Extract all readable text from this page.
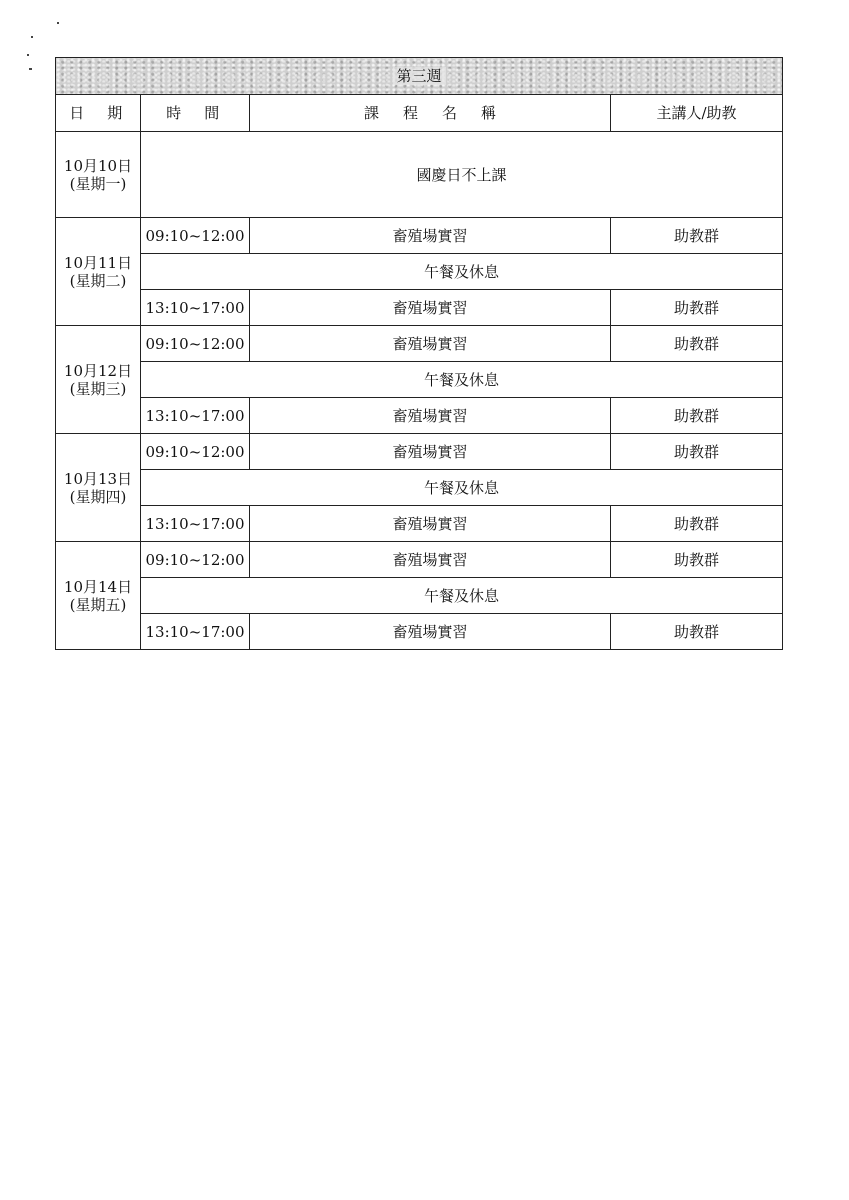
第三週			
日  期	時  間	課程名稱	主講人/助教

10月10日
(星期一)	國慶日不上課		

10月11日
(星期二)	09:10~12:00	畜殖場實習	助教群
	午餐及休息		
	13:10~17:00	畜殖場實習	助教群

10月12日
(星期三)	09:10~12:00	畜殖場實習	助教群
	午餐及休息		
	13:10~17:00	畜殖場實習	助教群

10月13日
(星期四)	09:10~12:00	畜殖場實習	助教群
	午餐及休息		
	13:10~17:00	畜殖場實習	助教群

10月14日
(星期五)	09:10~12:00	畜殖場實習	助教群
	午餐及休息		
	13:10~17:00	畜殖場實習	助教群
